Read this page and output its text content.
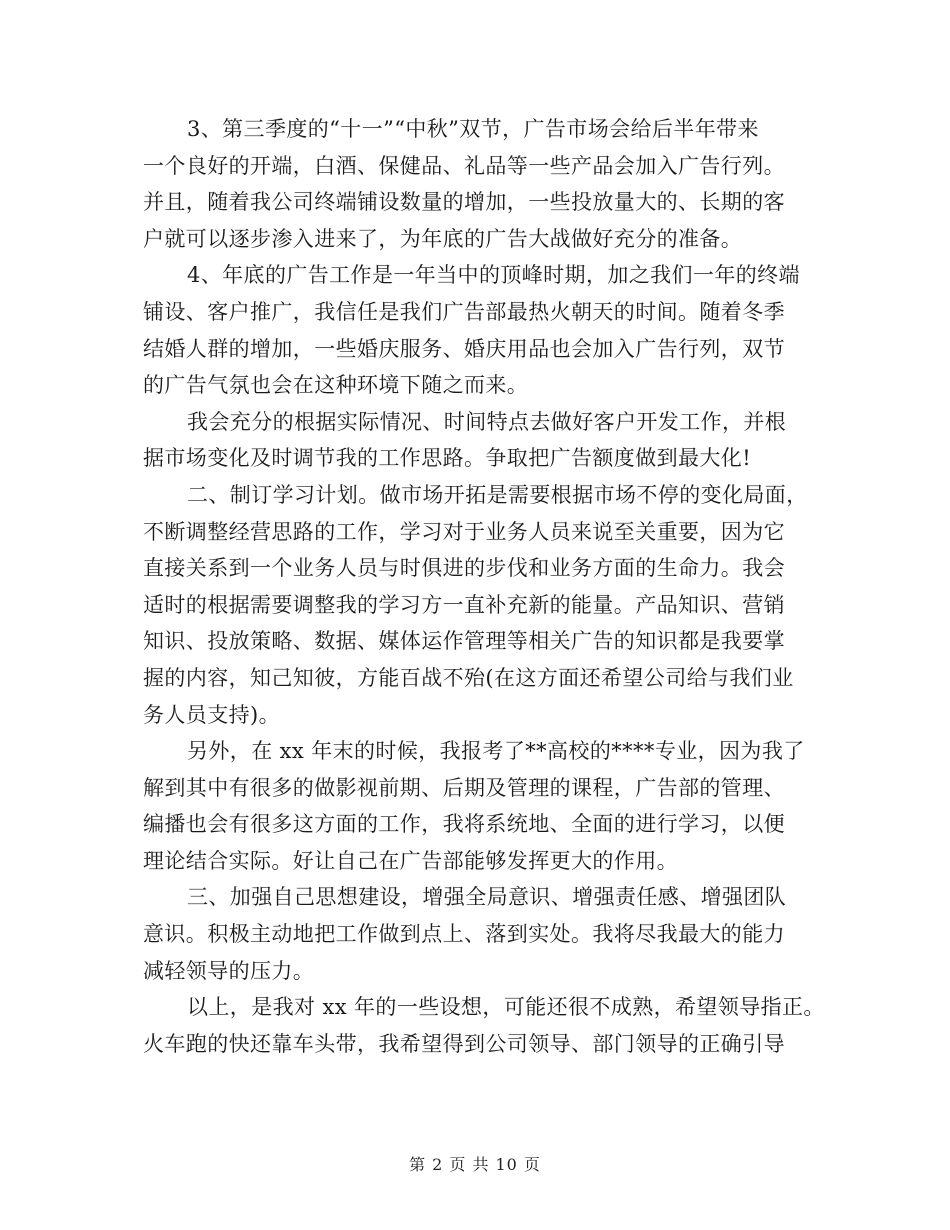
3、第三季度的“十一”“中秋”双节，广告市场会给后半年带来
一个良好的开端，白酒、保健品、礼品等一些产品会加入广告行列。
并且，随着我公司终端铺设数量的增加，一些投放量大的、长期的客
户就可以逐步渗入进来了，为年底的广告大战做好充分的准备。
4、年底的广告工作是一年当中的顶峰时期，加之我们一年的终端
铺设、客户推广，我信任是我们广告部最热火朝天的时间。随着冬季
结婚人群的增加，一些婚庆服务、婚庆用品也会加入广告行列，双节
的广告气氛也会在这种环境下随之而来。
我会充分的根据实际情况、时间特点去做好客户开发工作，并根
据市场变化及时调节我的工作思路。争取把广告额度做到最大化!
二、制订学习计划。做市场开拓是需要根据市场不停的变化局面，
不断调整经营思路的工作，学习对于业务人员来说至关重要，因为它
直接关系到一个业务人员与时俱进的步伐和业务方面的生命力。我会
适时的根据需要调整我的学习方一直补充新的能量。产品知识、营销
知识、投放策略、数据、媒体运作管理等相关广告的知识都是我要掌
握的内容，知己知彼，方能百战不殆(在这方面还希望公司给与我们业
务人员支持)。
另外，在 xx 年末的时候，我报考了**高校的****专业，因为我了
解到其中有很多的做影视前期、后期及管理的课程，广告部的管理、
编播也会有很多这方面的工作，我将系统地、全面的进行学习，以便
理论结合实际。好让自己在广告部能够发挥更大的作用。
三、加强自己思想建设，增强全局意识、增强责任感、增强团队
意识。积极主动地把工作做到点上、落到实处。我将尽我最大的能力
减轻领导的压力。
以上，是我对 xx 年的一些设想，可能还很不成熟，希望领导指正。
火车跑的快还靠车头带，我希望得到公司领导、部门领导的正确引导
第 2 页 共 10 页
